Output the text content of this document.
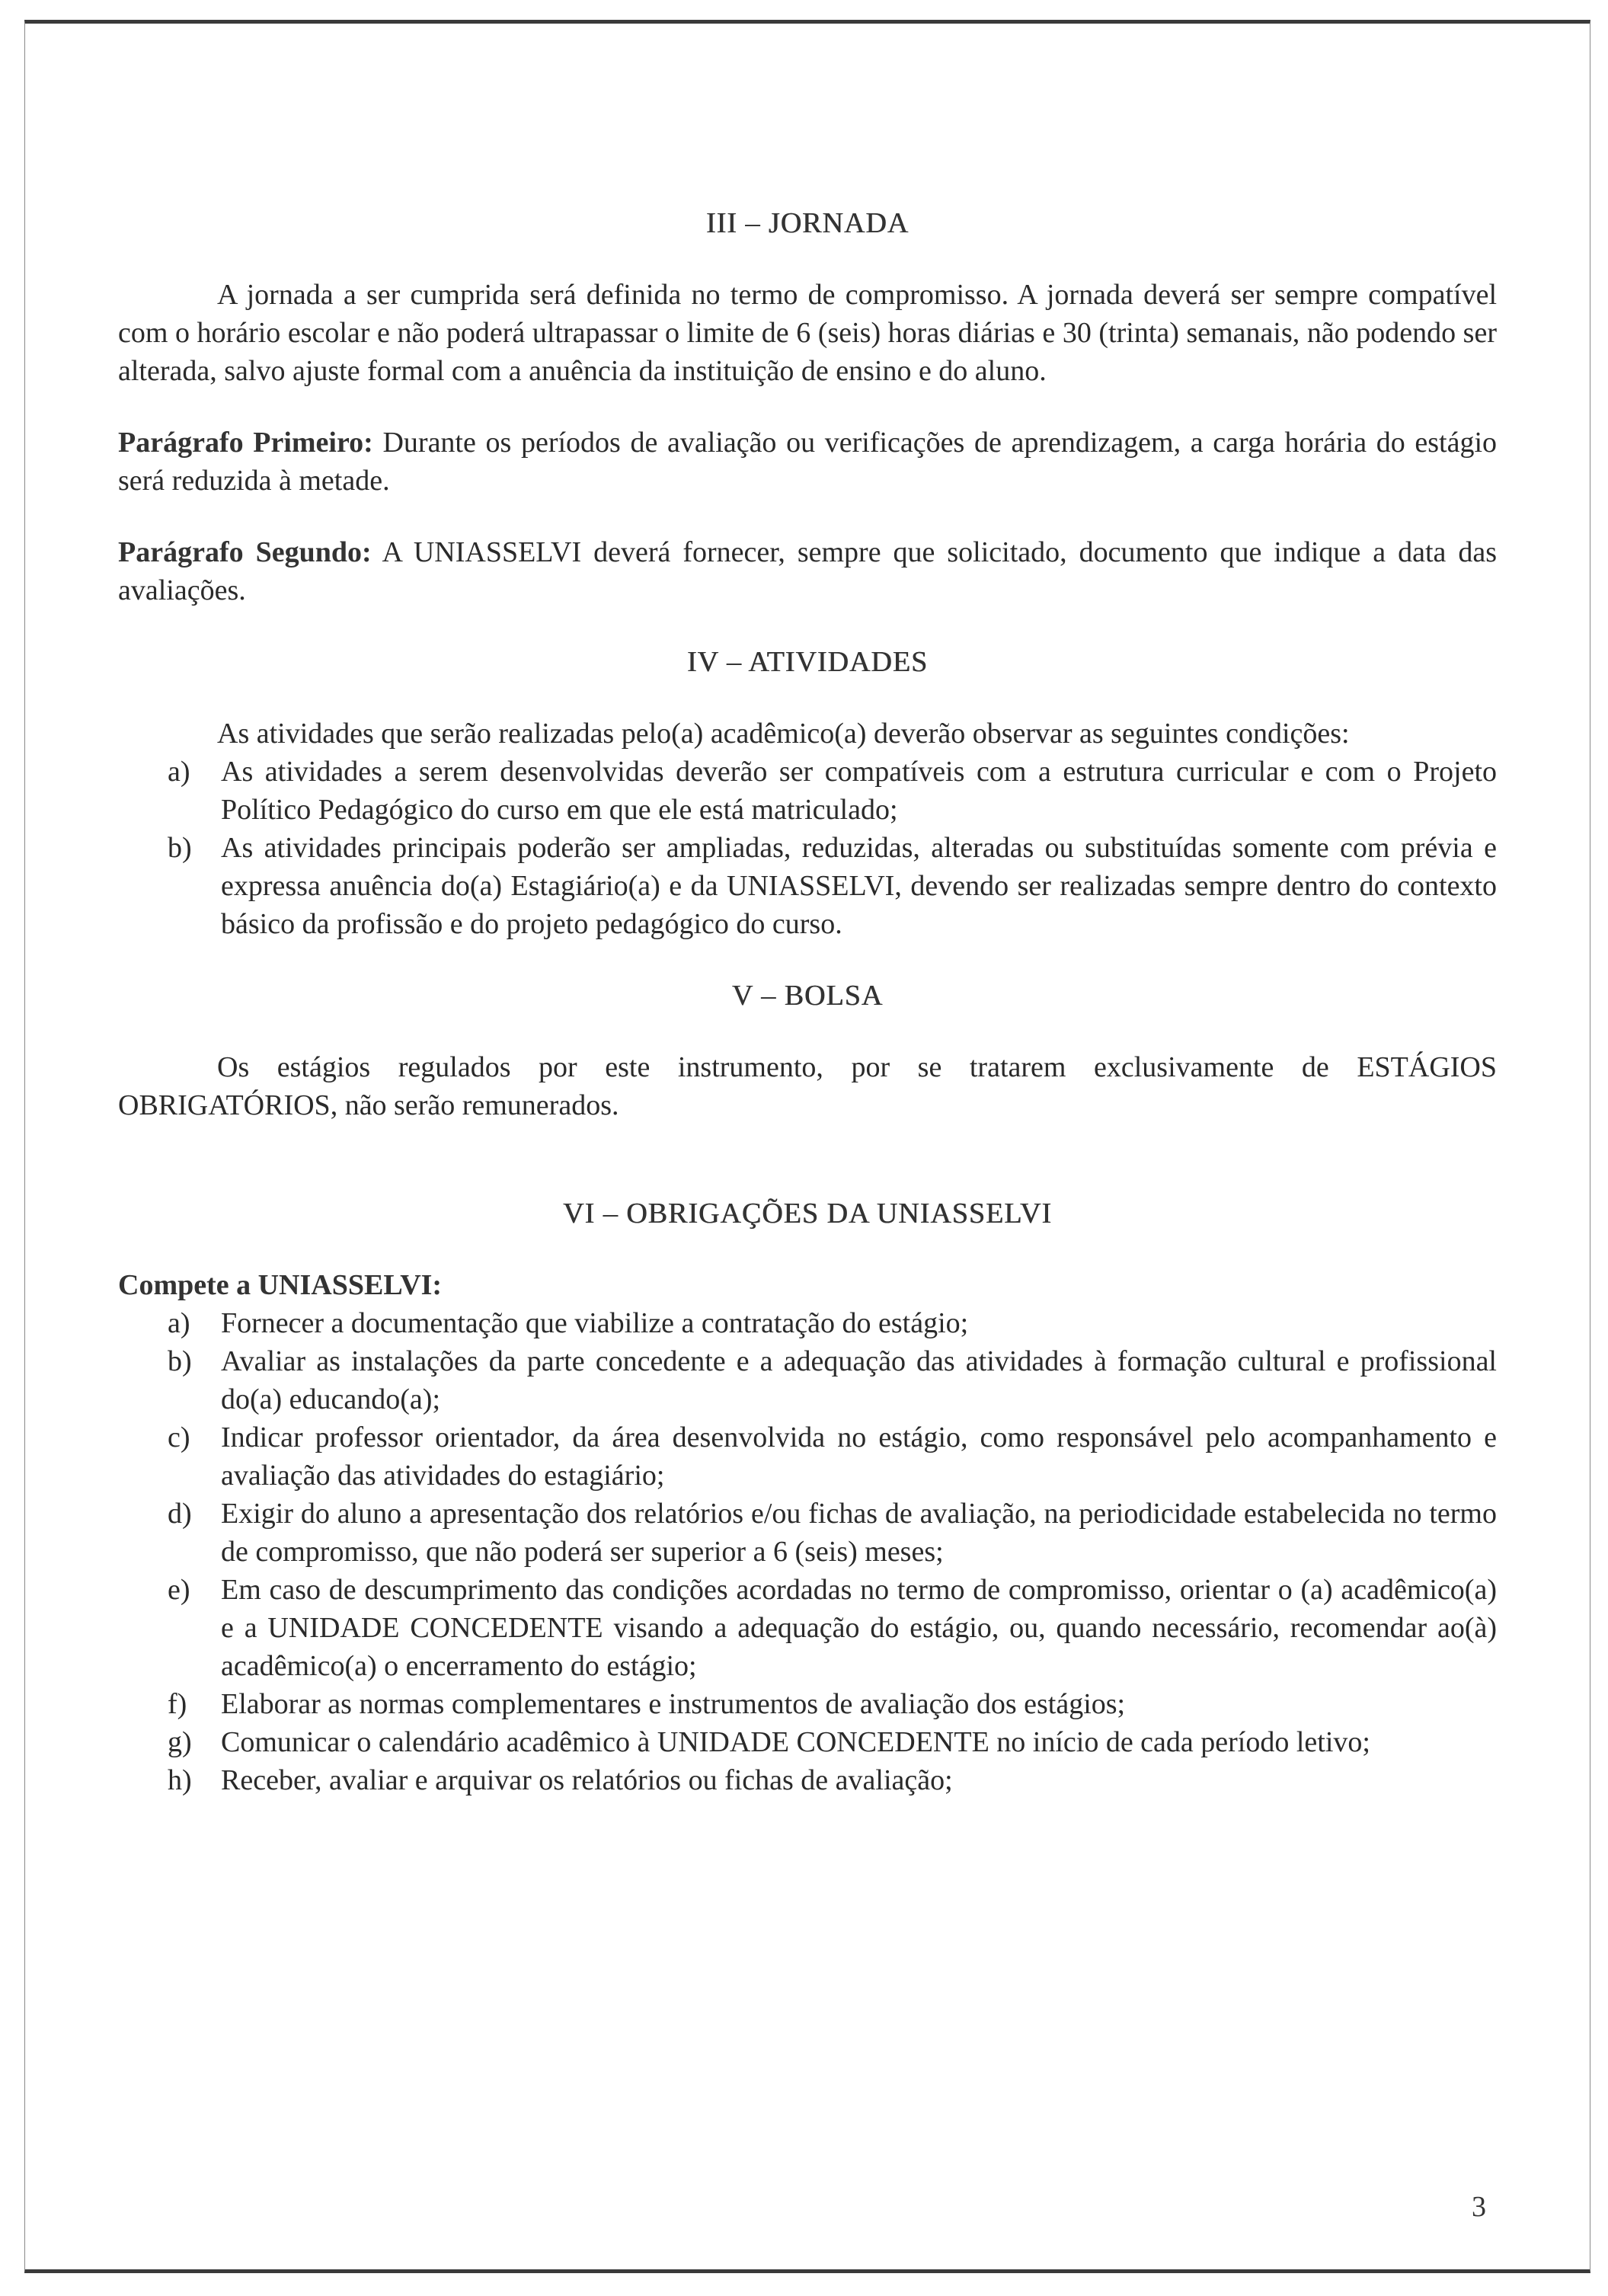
III – JORNADA

A jornada a ser cumprida será definida no termo de compromisso. A jornada deverá ser sempre compatível com o horário escolar e não poderá ultrapassar o limite de 6 (seis) horas diárias e 30 (trinta) semanais, não podendo ser alterada, salvo ajuste formal com a anuência da instituição de ensino e do aluno.

Parágrafo Primeiro: Durante os períodos de avaliação ou verificações de aprendizagem, a carga horária do estágio será reduzida à metade.

Parágrafo Segundo: A UNIASSELVI deverá fornecer, sempre que solicitado, documento que indique a data das avaliações.

IV – ATIVIDADES

As atividades que serão realizadas pelo(a) acadêmico(a) deverão observar as seguintes condições:

a) As atividades a serem desenvolvidas deverão ser compatíveis com a estrutura curricular e com o Projeto Político Pedagógico do curso em que ele está matriculado;
b) As atividades principais poderão ser ampliadas, reduzidas, alteradas ou substituídas somente com prévia e expressa anuência do(a) Estagiário(a) e da UNIASSELVI, devendo ser realizadas sempre dentro do contexto básico da profissão e do projeto pedagógico do curso.
V – BOLSA

Os estágios regulados por este instrumento, por se tratarem exclusivamente de ESTÁGIOS OBRIGATÓRIOS, não serão remunerados.

VI – OBRIGAÇÕES DA UNIASSELVI

Compete a UNIASSELVI:

a) Fornecer a documentação que viabilize a contratação do estágio;
b) Avaliar as instalações da parte concedente e a adequação das atividades à formação cultural e profissional do(a) educando(a);
c) Indicar professor orientador, da área desenvolvida no estágio, como responsável pelo acompanhamento e avaliação das atividades do estagiário;
d) Exigir do aluno a apresentação dos relatórios e/ou fichas de avaliação, na periodicidade estabelecida no termo de compromisso, que não poderá ser superior a 6 (seis) meses;
e) Em caso de descumprimento das condições acordadas no termo de compromisso, orientar o (a) acadêmico(a) e a UNIDADE CONCEDENTE visando a adequação do estágio, ou, quando necessário, recomendar ao(à) acadêmico(a) o encerramento do estágio;
f) Elaborar as normas complementares e instrumentos de avaliação dos estágios;
g) Comunicar o calendário acadêmico à UNIDADE CONCEDENTE no início de cada período letivo;
h) Receber, avaliar e arquivar os relatórios ou fichas de avaliação;
3
